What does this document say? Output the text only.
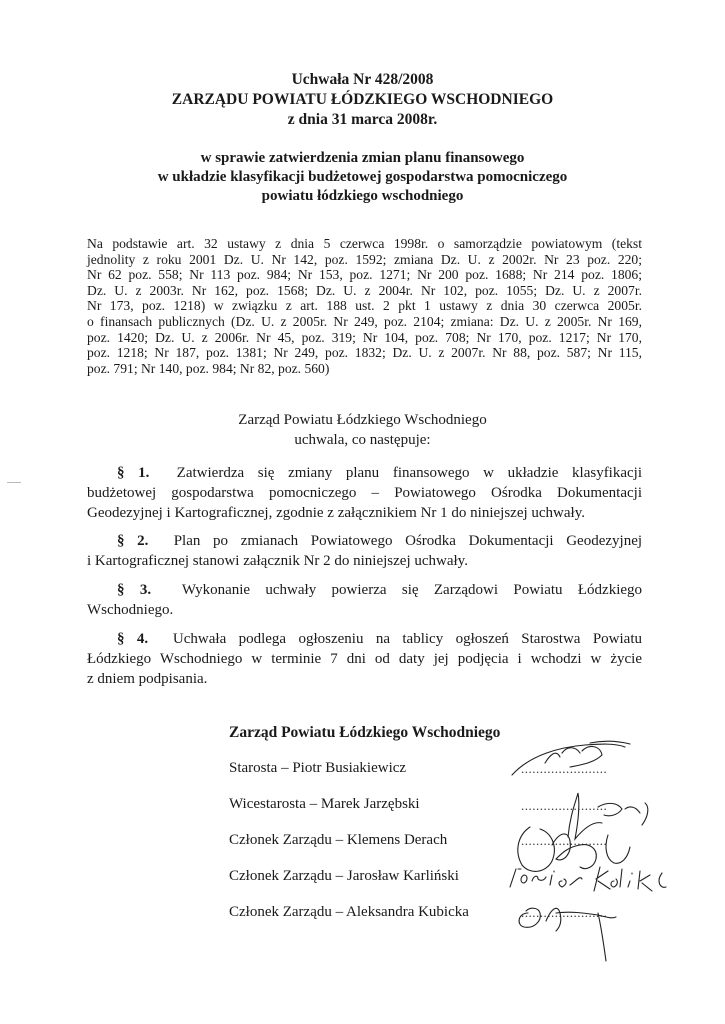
Uchwała Nr 428/2008
ZARZĄDU POWIATU ŁÓDZKIEGO WSCHODNIEGO
z dnia 31 marca 2008r.
w sprawie zatwierdzenia zmian planu finansowego
w układzie klasyfikacji budżetowej gospodarstwa pomocniczego
powiatu łódzkiego wschodniego
Na podstawie art. 32 ustawy z dnia 5 czerwca 1998r. o samorządzie powiatowym (tekst
jednolity z roku 2001 Dz. U. Nr 142, poz. 1592; zmiana Dz. U. z 2002r. Nr 23 poz. 220;
Nr 62 poz. 558; Nr 113 poz. 984; Nr 153, poz. 1271; Nr 200 poz. 1688; Nr 214 poz. 1806;
Dz. U. z 2003r. Nr 162, poz. 1568; Dz. U. z 2004r. Nr 102, poz. 1055; Dz. U. z 2007r.
Nr 173, poz. 1218) w związku z art. 188 ust. 2 pkt 1 ustawy z dnia 30 czerwca 2005r.
o finansach publicznych (Dz. U. z 2005r. Nr 249, poz. 2104; zmiana: Dz. U. z 2005r. Nr 169,
poz. 1420; Dz. U. z 2006r. Nr 45, poz. 319; Nr 104, poz. 708; Nr 170, poz. 1217; Nr 170,
poz. 1218; Nr 187, poz. 1381; Nr 249, poz. 1832; Dz. U. z 2007r. Nr 88, poz. 587; Nr 115,
poz. 791; Nr 140, poz. 984; Nr 82, poz. 560)
Zarząd Powiatu Łódzkiego Wschodniego
uchwala, co następuje:
§ 1. Zatwierdza się zmiany planu finansowego w układzie klasyfikacji
budżetowej gospodarstwa pomocniczego – Powiatowego Ośrodka Dokumentacji
Geodezyjnej i Kartograficznej, zgodnie z załącznikiem Nr 1 do niniejszej uchwały.
§ 2. Plan po zmianach Powiatowego Ośrodka Dokumentacji Geodezyjnej
i Kartograficznej stanowi załącznik Nr 2 do niniejszej uchwały.
§ 3. Wykonanie uchwały powierza się Zarządowi Powiatu Łódzkiego
Wschodniego.
§ 4. Uchwała podlega ogłoszeniu na tablicy ogłoszeń Starostwa Powiatu
Łódzkiego Wschodniego w terminie 7 dni od daty jej podjęcia i wchodzi w życie
z dniem podpisania.
Zarząd Powiatu Łódzkiego Wschodniego
Starosta – Piotr Busiakiewicz
Wicestarosta – Marek Jarzębski
Członek Zarządu – Klemens Derach
Członek Zarządu – Jarosław Karliński
Członek Zarządu – Aleksandra Kubicka
.......................
.......................
.......................
.......................
